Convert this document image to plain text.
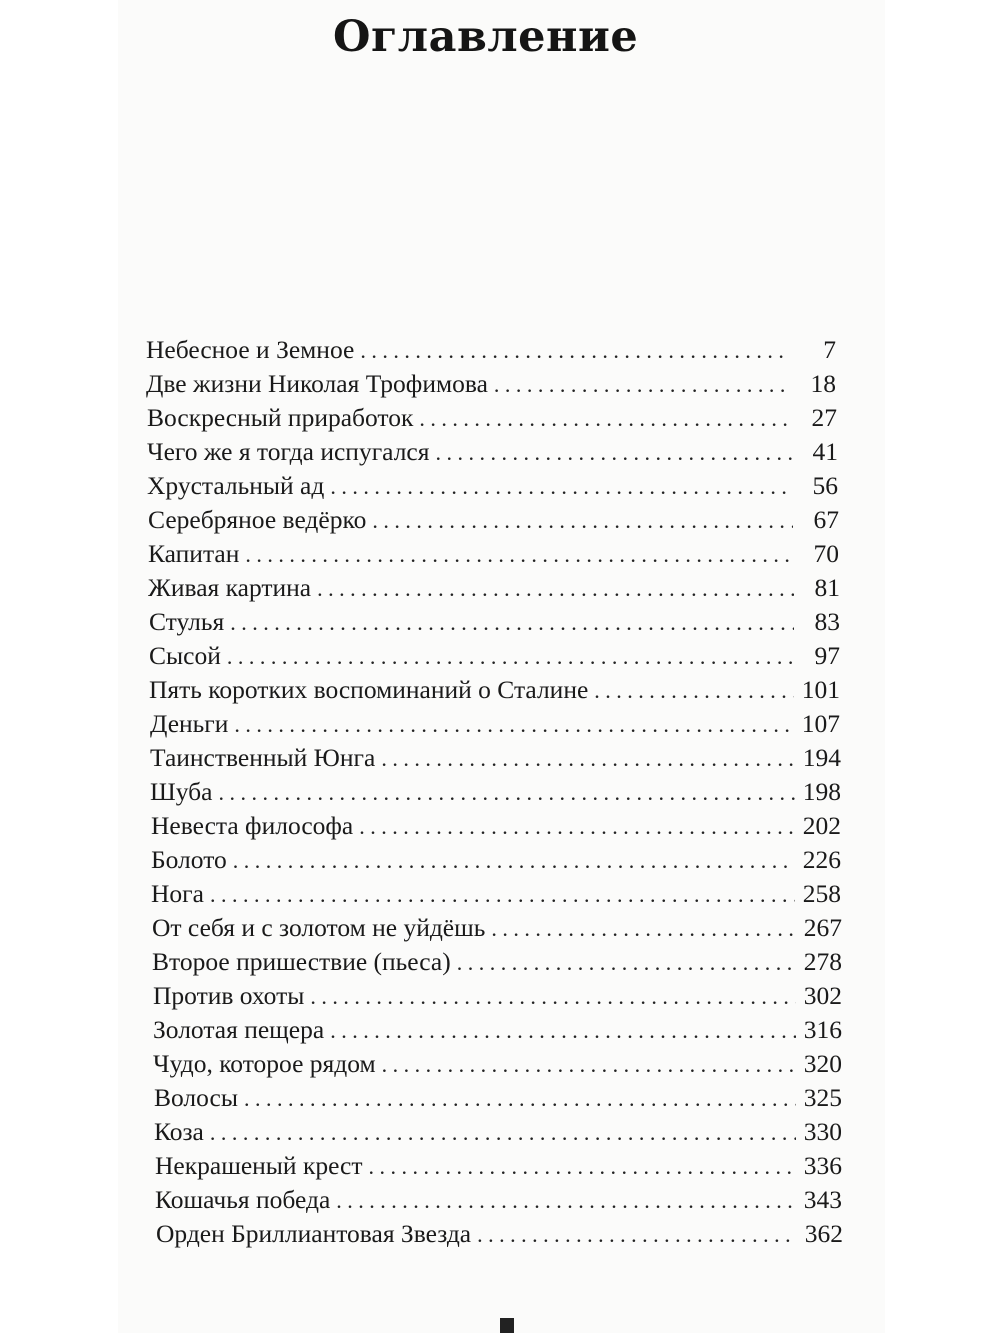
Оглавление
Небесное и Земное . . .	7
Две жизни Николая Трофимова . . .	18
Воскресный приработок . . .	27
Чего же я тогда испугался . . .	41
Хрустальный ад . . .	56
Серебряное ведёрко . . .	67
Капитан . . .	70
Живая картина . . .	81
Стулья . . .	83
Сысой . . .	97
Пять коротких воспоминаний о Сталине . . .	101
Деньги . . .	107
Таинственный Юнга . . .	194
Шуба . . .	198
Невеста философа . . .	202
Болото . . .	226
Нога . . .	258
От себя и с золотом не уйдёшь . . .	267
Второе пришествие (пьеса) . . .	278
Против охоты . . .	302
Золотая пещера . . .	316
Чудо, которое рядом . . .	320
Волосы . . .	325
Коза . . .	330
Некрашеный крест . . .	336
Кошачья победа . . .	343
Орден Бриллиантовая Звезда . . .	362
